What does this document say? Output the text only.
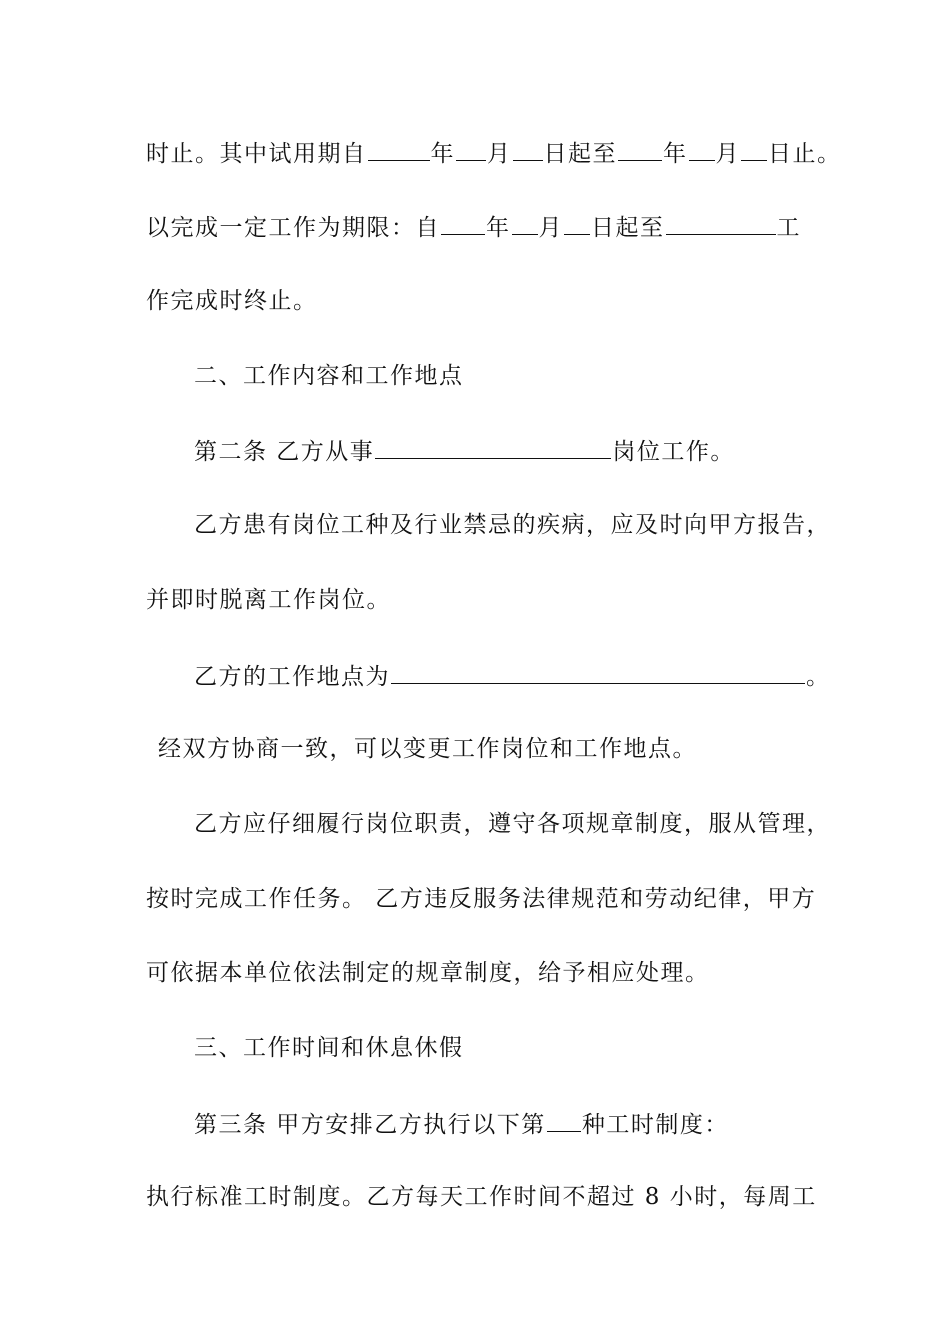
时止。其中试用期自	年 月 日起至 年 月 日止。
以完成一定工作为期限：自 年 月 日起至	工
作完成时终止。
二、工作内容和工作地点
第二条 乙方从事	岗位工作。
乙方患有岗位工种及行业禁忌的疾病，应及时向甲方报告，
并即时脱离工作岗位。
乙方的工作地点为	。
经双方协商一致，可以变更工作岗位和工作地点。
乙方应仔细履行岗位职责，遵守各项规章制度，服从管理，
按时完成工作任务。 乙方违反服务法律规范和劳动纪律，甲方
可依据本单位依法制定的规章制度，给予相应处理。
三、工作时间和休息休假
第三条 甲方安排乙方执行以下第 种工时制度：
执行标准工时制度。乙方每天工作时间不超过 8 小时，每周工
